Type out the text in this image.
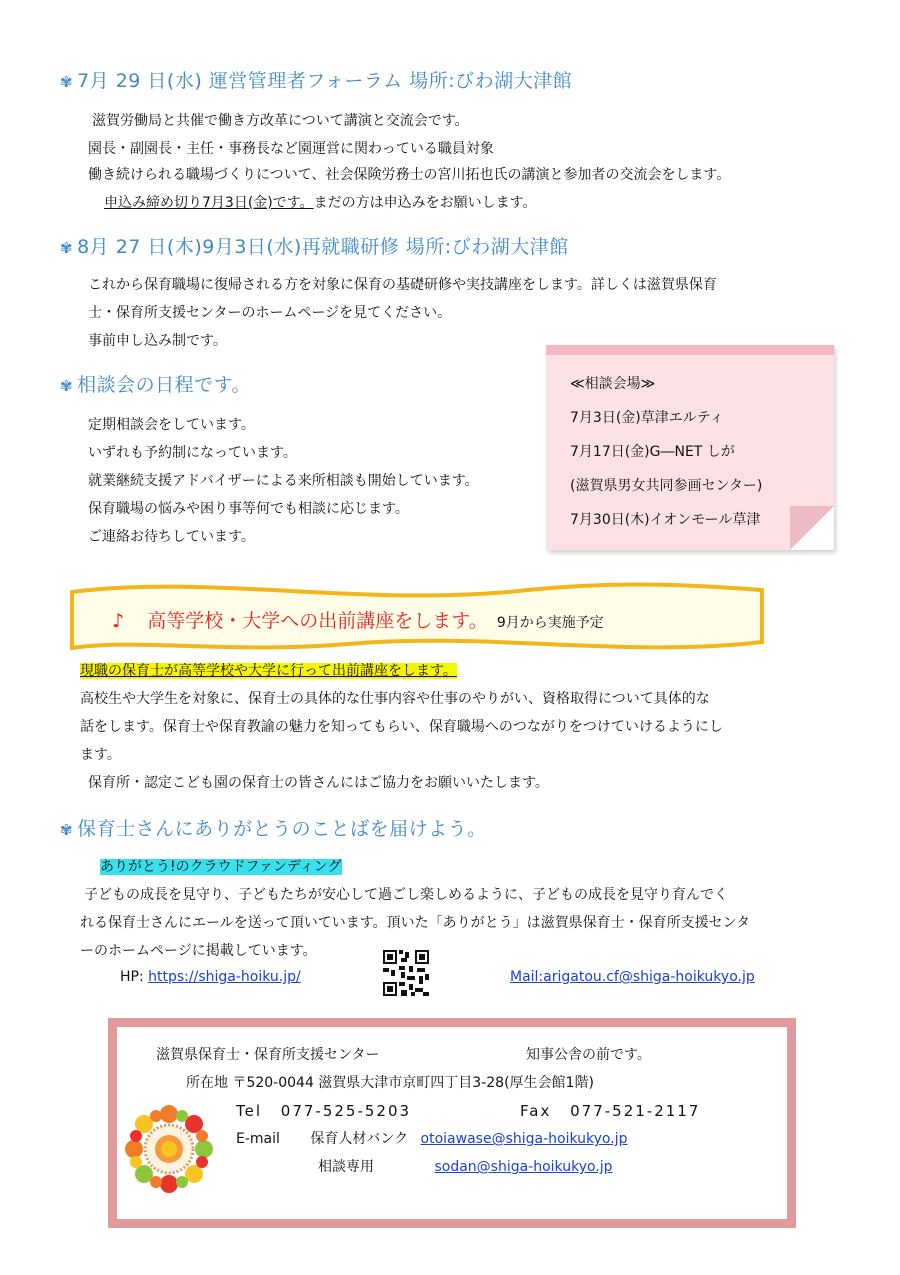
✾ 7月 29 日(水) 運営管理者フォーラム 場所:びわ湖大津館
滋賀労働局と共催で働き方改革について講演と交流会です。
園長・副園長・主任・事務長など園運営に関わっている職員対象
働き続けられる職場づくりについて、社会保険労務士の宮川拓也氏の講演と参加者の交流会をします。
申込み締め切り7月3日(金)です。まだの方は申込みをお願いします。
✾ 8月 27 日(木)9月3日(水)再就職研修 場所:びわ湖大津館
これから保育職場に復帰される方を対象に保育の基礎研修や実技講座をします。詳しくは滋賀県保育
士・保育所支援センターのホームページを見てください。
事前申し込み制です。
✾ 相談会の日程です。
定期相談会をしています。
いずれも予約制になっています。
就業継続支援アドバイザーによる来所相談も開始しています。
保育職場の悩みや困り事等何でも相談に応じます。
ご連絡お待ちしています。
≪相談会場≫
7月3日(金)草津エルティ
7月17日(金)G―NET しが
(滋賀県男女共同参画センター)
7月30日(木)イオンモール草津
♪ 高等学校・大学への出前講座をします。 9月から実施予定
現職の保育士が高等学校や大学に行って出前講座をします。
高校生や大学生を対象に、保育士の具体的な仕事内容や仕事のやりがい、資格取得について具体的な
話をします。保育士や保育教諭の魅力を知ってもらい、保育職場へのつながりをつけていけるようにし
ます。
保育所・認定こども園の保育士の皆さんにはご協力をお願いいたします。
✾ 保育士さんにありがとうのことばを届けよう。
ありがとう!のクラウドファンディング
子どもの成長を見守り、子どもたちが安心して過ごし楽しめるように、子どもの成長を見守り育んでく
れる保育士さんにエールを送って頂いています。頂いた「ありがとう」は滋賀県保育士・保育所支援センタ
ーのホームページに掲載しています。
HP: https://shiga-hoiku.jp/	Mail:arigatou.cf@shiga-hoikukyo.jp
滋賀県保育士・保育所支援センター	知事公舎の前です。
所在地 〒520-0044 滋賀県大津市京町四丁目3-28(厚生会館1階)
Tel 077-525-5203	Fax 077-521-2117
E-mail 保育人材バンク otoiawase@shiga-hoikukyo.jp
相談専用	sodan@shiga-hoikukyo.jp
